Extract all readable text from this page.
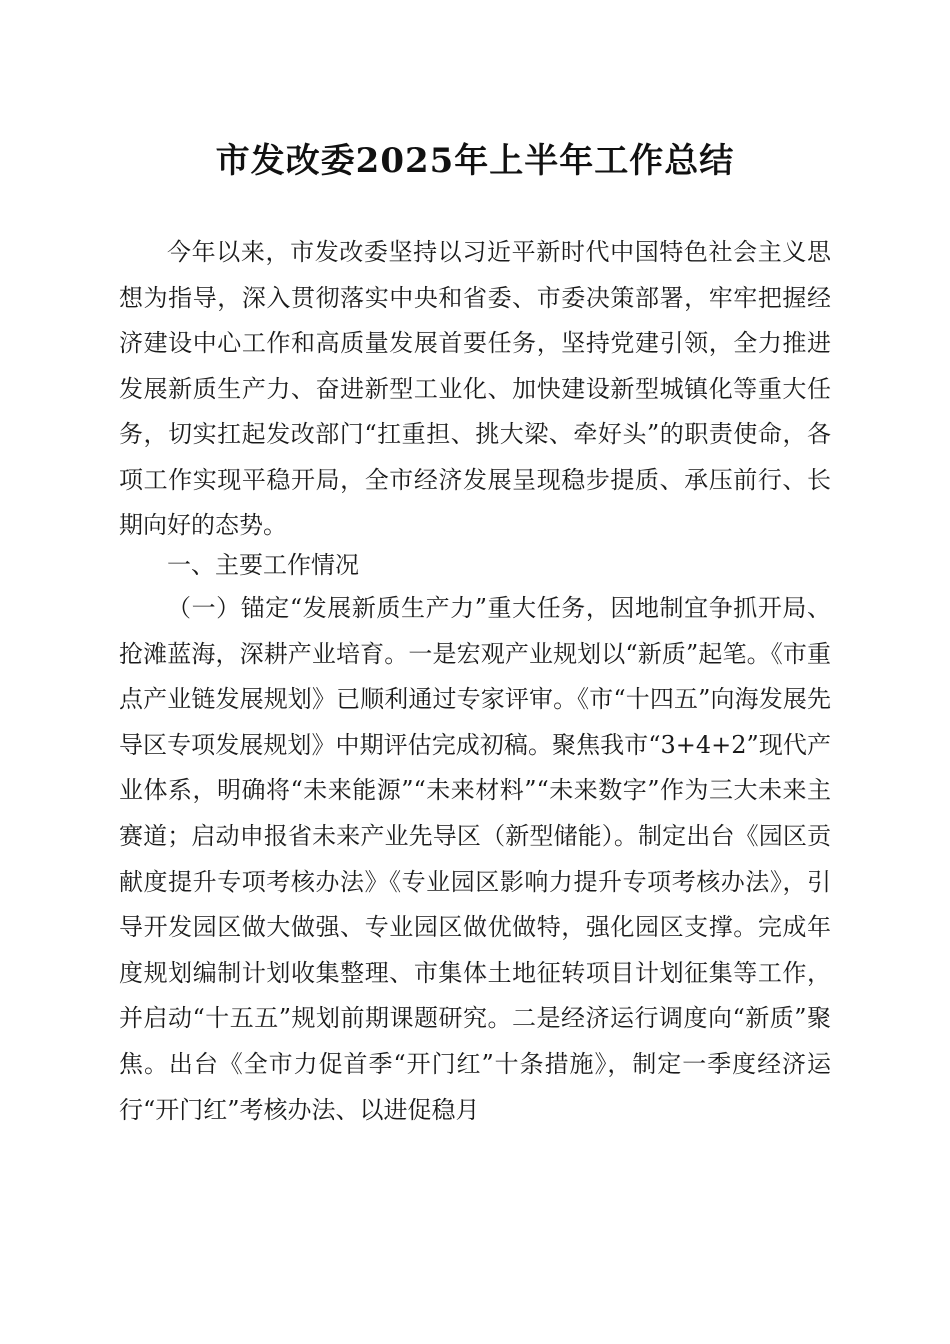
市发改委2025年上半年工作总结
今年以来，市发改委坚持以习近平新时代中国特色社会主义思想为指导，深入贯彻落实中央和省委、市委决策部署，牢牢把握经济建设中心工作和高质量发展首要任务，坚持党建引领，全力推进发展新质生产力、奋进新型工业化、加快建设新型城镇化等重大任务，切实扛起发改部门“扛重担、挑大梁、牵好头”的职责使命，各项工作实现平稳开局，全市经济发展呈现稳步提质、承压前行、长期向好的态势。
一、主要工作情况
（一）锚定“发展新质生产力”重大任务，因地制宜争抓开局、抢滩蓝海，深耕产业培育。一是宏观产业规划以“新质”起笔。《市重点产业链发展规划》已顺利通过专家评审。《市“十四五”向海发展先导区专项发展规划》中期评估完成初稿。聚焦我市“3+4+2”现代产业体系，明确将“未来能源”“未来材料”“未来数字”作为三大未来主赛道；启动申报省未来产业先导区（新型储能）。制定出台《园区贡献度提升专项考核办法》《专业园区影响力提升专项考核办法》，引导开发园区做大做强、专业园区做优做特，强化园区支撑。完成年度规划编制计划收集整理、市集体土地征转项目计划征集等工作，并启动“十五五”规划前期课题研究。二是经济运行调度向“新质”聚焦。出台《全市力促首季“开门红”十条措施》，制定一季度经济运行“开门红”考核办法、以进促稳月
